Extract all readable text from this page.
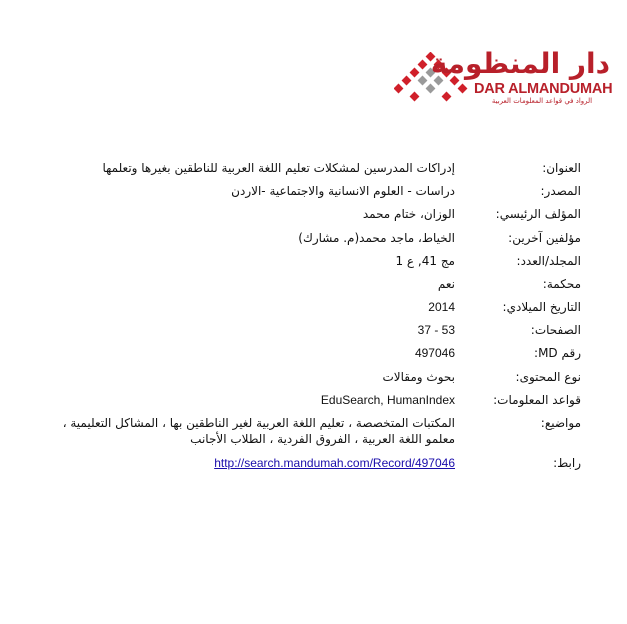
دار المنظومة
DAR ALMANDUMAH
الرواد في قواعد المعلومات العربية
العنوان:
إدراكات المدرسين لمشكلات تعليم اللغة العربية للناطقين بغيرها وتعلمها
المصدر:
دراسات - العلوم الانسانية والاجتماعية -الاردن
المؤلف الرئيسي:
الوزان، ختام محمد
مؤلفين آخرين:
الخياط، ماجد محمد(م. مشارك)
المجلد/العدد:
مج 41, ع 1
محكمة:
نعم
التاريخ الميلادي:
2014
الصفحات:
37 - 53
رقم MD:
497046
نوع المحتوى:
بحوث ومقالات
قواعد المعلومات:
EduSearch, HumanIndex
مواضيع:
المكتبات المتخصصة ، تعليم اللغة العربية لغير الناطقين بها ، المشاكل التعليمية ،
معلمو اللغة العربية ، الفروق الفردية ، الطلاب الأجانب
رابط:
http://search.mandumah.com/Record/497046
